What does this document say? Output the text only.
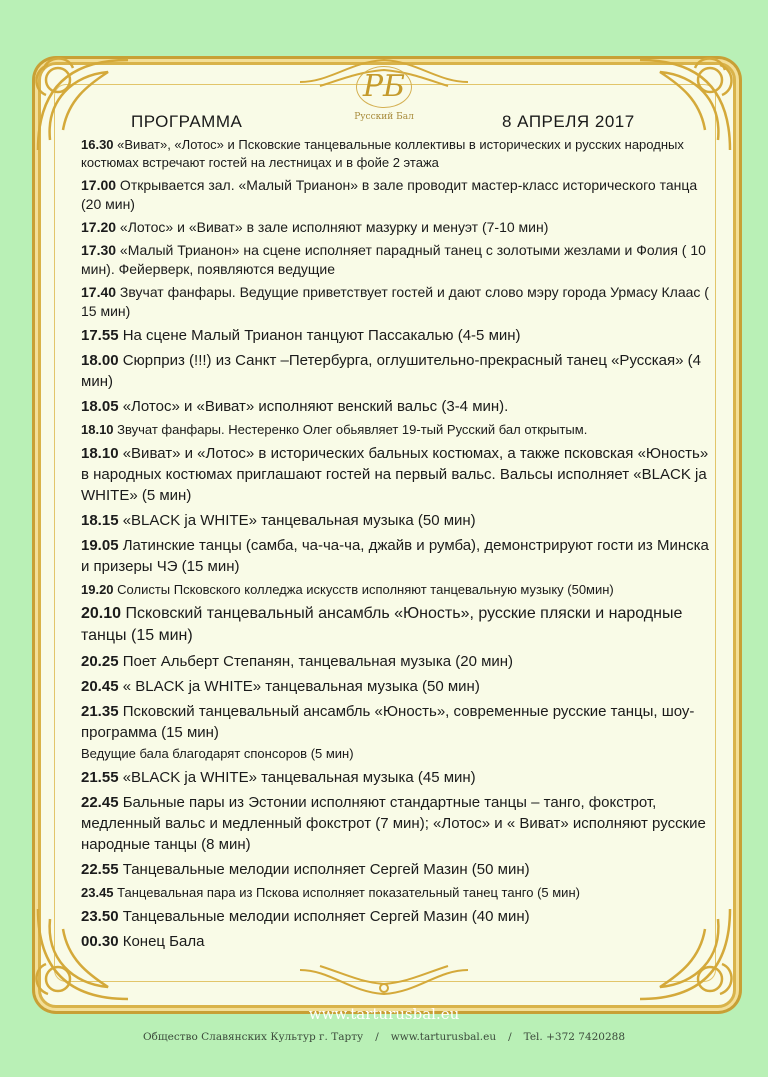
РБ
Русский Бал
ПРОГРАММА	8 АПРЕЛЯ 2017
16.30 «Виват», «Лотос» и Псковские танцевальные коллективы в исторических и русских народных костюмах встречают гостей на лестницах и в фойе 2 этажа
17.00 Открывается зал. «Малый Трианон» в зале проводит мастер-класс исторического танца (20 мин)
17.20 «Лотос» и «Виват» в зале исполняют мазурку и менуэт (7-10 мин)
17.30 «Малый Трианон» на сцене исполняет парадный танец с золотыми жезлами и Фолия ( 10 мин). Фейерверк, появляются ведущие
17.40 Звучат фанфары. Ведущие приветствует гостей и дают слово мэру города Урмасу Клаас ( 15 мин)
17.55 На сцене Малый Трианон танцуют Пассакалью (4-5 мин)
18.00 Сюрприз (!!!) из Санкт –Петербурга, оглушительно-прекрасный танец «Русская» (4 мин)
18.05 «Лотос» и «Виват» исполняют венский вальс (3-4 мин).
18.10 Звучат фанфары. Нестеренко Олег обьявляет 19-тый Русский бал открытым.
18.10 «Виват» и «Лотос» в исторических бальных костюмах, а также псковская «Юность» в народных костюмах приглашают гостей на первый вальс. Вальсы исполняет «BLACK ja WHITE» (5 мин)
18.15 «BLACK ja WHITE» танцевальная музыка (50 мин)
19.05 Латинские танцы (самба, ча-ча-ча, джайв и румба), демонстрируют гости из Минска и призеры ЧЭ (15 мин)
19.20 Солисты Псковского колледжа искусств исполняют танцевальную музыку (50мин)
20.10 Псковский танцевальный ансамбль «Юность», русские пляски и народные танцы (15 мин)
20.25 Поет Альберт Степанян, танцевальная музыка (20 мин)
20.45 « BLACK ja WHITE» танцевальная музыка (50 мин)
21.35 Псковский танцевальный ансамбль «Юность», современные русские танцы, шоу-программа (15 мин)
Ведущие бала благодарят спонсоров (5 мин)
21.55 «BLACK ja WHITE» танцевальная музыка (45 мин)
22.45 Бальные пары из Эстонии исполняют стандартные танцы – танго, фокстрот, медленный вальс и медленный фокстрот (7 мин); «Лотос» и « Виват» исполняют русские народные танцы (8 мин)
22.55 Танцевальные мелодии исполняет Сергей Мазин (50 мин)
23.45 Танцевальная пара из Пскова исполняет показательный танец танго (5 мин)
23.50 Танцевальные мелодии исполняет Сергей Мазин (40 мин)
00.30 Конец Бала
www.tarturusbal.eu
Общество Славянских Культур г. Тарту / www.tarturusbal.eu / Tel. +372 7420288
